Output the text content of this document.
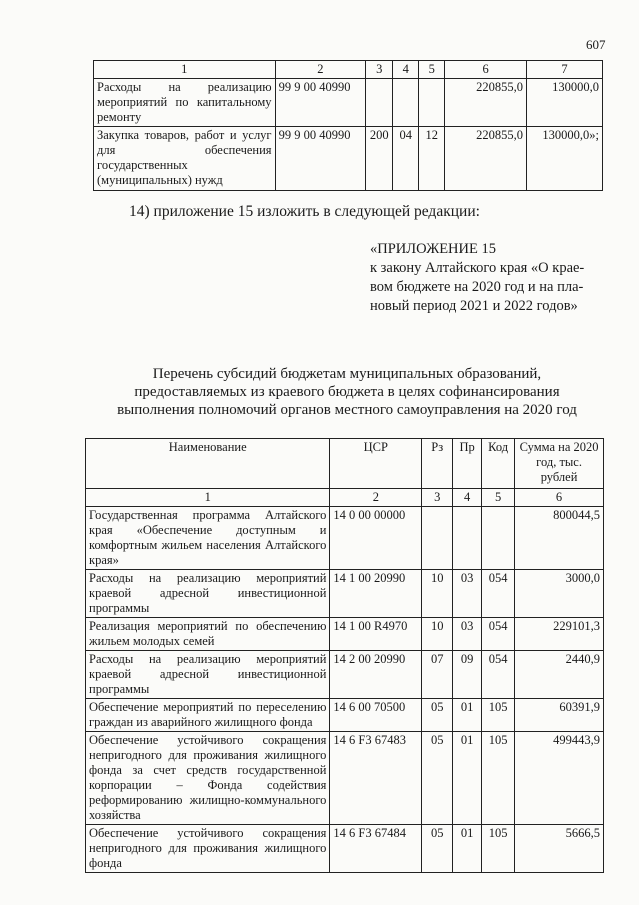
607
1	2	3	4	5	6	7
Расходы на реализацию мероприятий по капитальному ремонту	99 9 00 40990				220855,0	130000,0
Закупка товаров, работ и услуг для обеспечения государственных (муниципальных) нужд	99 9 00 40990	200	04	12	220855,0	130000,0»;
14) приложение 15 изложить в следующей редакции:
«ПРИЛОЖЕНИЕ 15
к закону Алтайского края «О крае-
вом бюджете на 2020 год и на пла-
новый период 2021 и 2022 годов»
Перечень субсидий бюджетам муниципальных образований,
предоставляемых из краевого бюджета в целях софинансирования
выполнения полномочий органов местного самоуправления на 2020 год
Наименование	ЦСР	Рз	Пр	Код	Сумма на 2020 год, тыс. рублей
1	2	3	4	5	6
Государственная программа Алтайского края «Обеспечение доступным и комфортным жильем населения Алтайского края»	14 0 00 00000				800044,5
Расходы на реализацию мероприятий краевой адресной инвестиционной программы	14 1 00 20990	10	03	054	3000,0
Реализация мероприятий по обеспечению жильем молодых семей	14 1 00 R4970	10	03	054	229101,3
Расходы на реализацию мероприятий краевой адресной инвестиционной программы	14 2 00 20990	07	09	054	2440,9
Обеспечение мероприятий по переселению граждан из аварийного жилищного фонда	14 6 00 70500	05	01	105	60391,9
Обеспечение устойчивого сокращения непригодного для проживания жилищного фонда за счет средств государственной корпорации – Фонда содействия реформированию жилищно-коммунального хозяйства	14 6 F3 67483	05	01	105	499443,9
Обеспечение устойчивого сокращения непригодного для проживания жилищного фонда	14 6 F3 67484	05	01	105	5666,5
